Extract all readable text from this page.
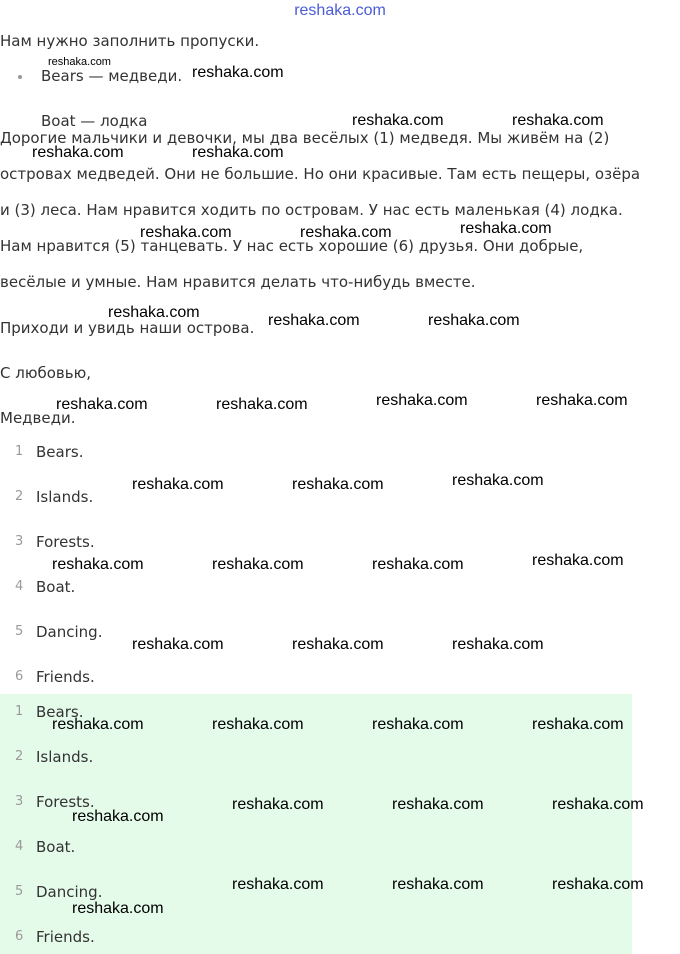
reshaka.com
Нам нужно заполнить пропуски.
Bears — медведи.
Boat — лодка
Дорогие мальчики и девочки, мы два весёлых (1) медведя. Мы живём на (2)
островах медведей. Они не большие. Но они красивые. Там есть пещеры, озёра
и (3) леса. Нам нравится ходить по островам. У нас есть маленькая (4) лодка.
Нам нравится (5) танцевать. У нас есть хорошие (6) друзья. Они добрые,
весёлые и умные. Нам нравится делать что-нибудь вместе.
Приходи и увидь наши острова.
С любовью,
Медведи.
1 Bears.
2 Islands.
3 Forests.
4 Boat.
5 Dancing.
6 Friends.
1 Bears.
2 Islands.
3 Forests.
4 Boat.
5 Dancing.
6 Friends.
reshaka.com
reshaka.com
reshaka.com	reshaka.com
reshaka.com	reshaka.com
reshaka.com	reshaka.com	reshaka.com
reshaka.com	reshaka.com	reshaka.com
reshaka.com	reshaka.com	reshaka.com	reshaka.com
reshaka.com	reshaka.com	reshaka.com
reshaka.com	reshaka.com	reshaka.com	reshaka.com
reshaka.com	reshaka.com	reshaka.com
reshaka.com	reshaka.com	reshaka.com	reshaka.com
reshaka.com	reshaka.com	reshaka.com
reshaka.com
reshaka.com	reshaka.com	reshaka.com
reshaka.com
